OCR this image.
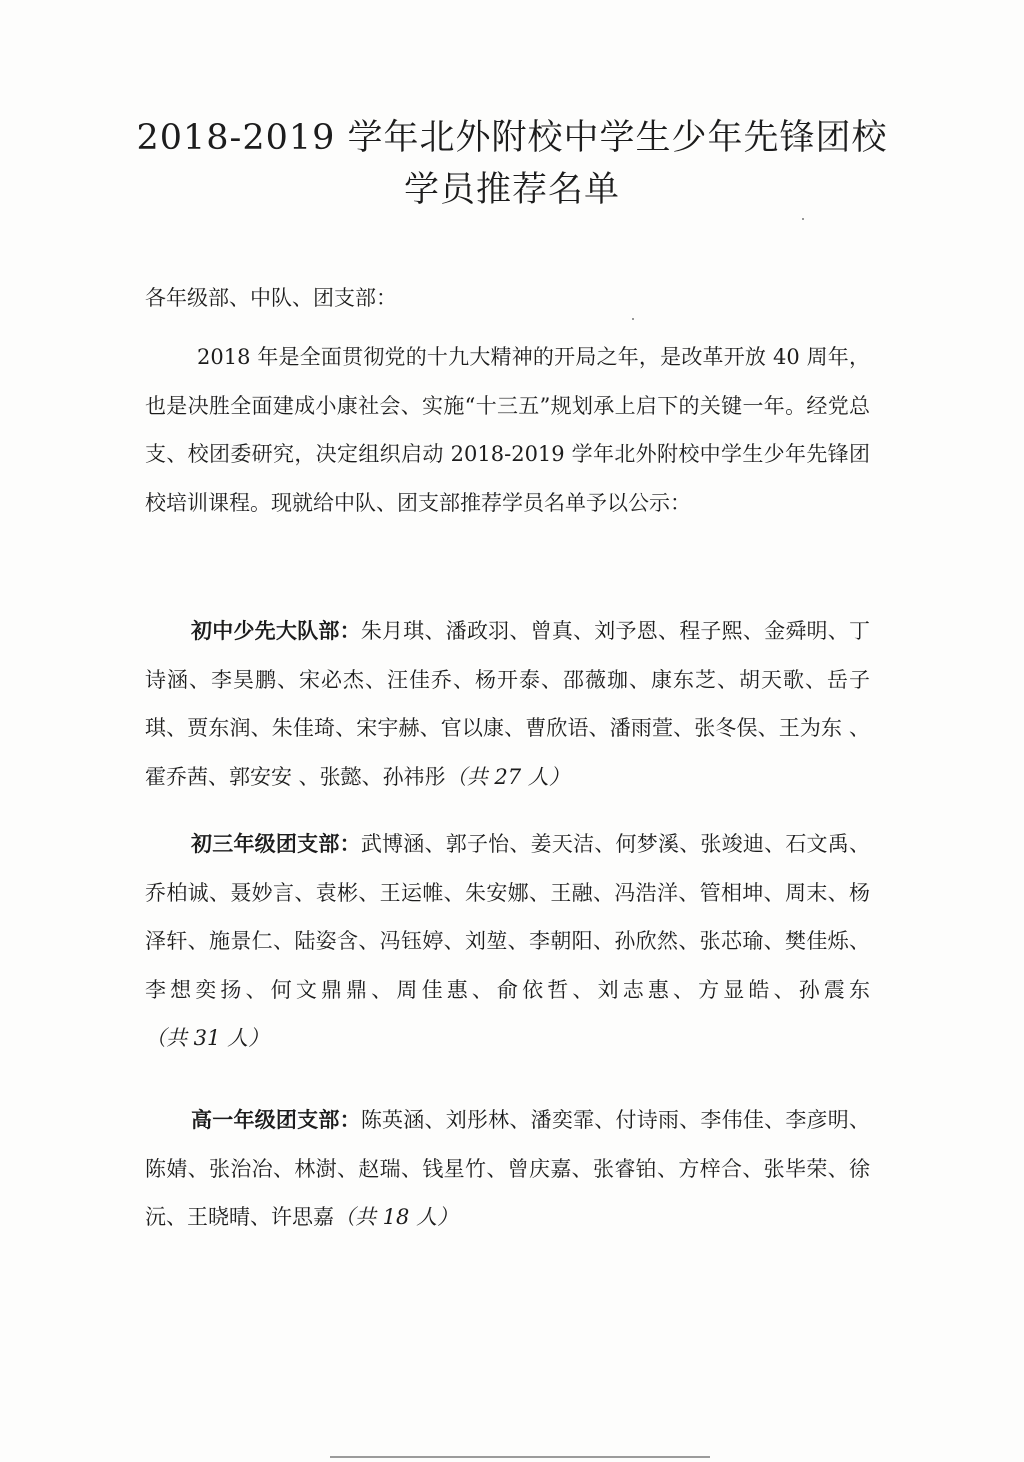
2018-2019 学年北外附校中学生少年先锋团校
学员推荐名单
各年级部、中队、团支部：
2018 年是全面贯彻党的十九大精神的开局之年，是改革开放 40 周年，也是决胜全面建成小康社会、实施“十三五”规划承上启下的关键一年。经党总支、校团委研究，决定组织启动 2018-2019 学年北外附校中学生少年先锋团校培训课程。现就给中队、团支部推荐学员名单予以公示：
初中少先大队部：朱月琪、潘政羽、曾真、刘予恩、程子熙、金舜明、丁诗涵、李昊鹏、宋必杰、汪佳乔、杨开泰、邵薇珈、康东芝、胡天歌、岳子琪、贾东润、朱佳琦、宋宇赫、官以康、曹欣语、潘雨萱、张冬俣、王为东 、霍乔茜、郭安安 、张懿、孙祎彤（共 27 人）
初三年级团支部：武博涵、郭子怡、姜天洁、何梦溪、张竣迪、石文禹、乔柏诚、聂妙言、袁彬、王运帷、朱安娜、王融、冯浩洋、管相坤、周末、杨泽轩、施景仁、陆姿含、冯钰婷、刘堃、李朝阳、孙欣然、张芯瑜、樊佳烁、李想奕扬、何文鼎鼎、周佳惠、俞依哲、刘志惠、方显皓、孙震东（共 31 人）
高一年级团支部：陈英涵、刘彤林、潘奕霏、付诗雨、李伟佳、李彦明、陈婧、张治冶、林澍、赵瑞、钱星竹、曾庆嘉、张睿铂、方梓合、张毕荣、徐沅、王晓晴、许思嘉（共 18 人）
